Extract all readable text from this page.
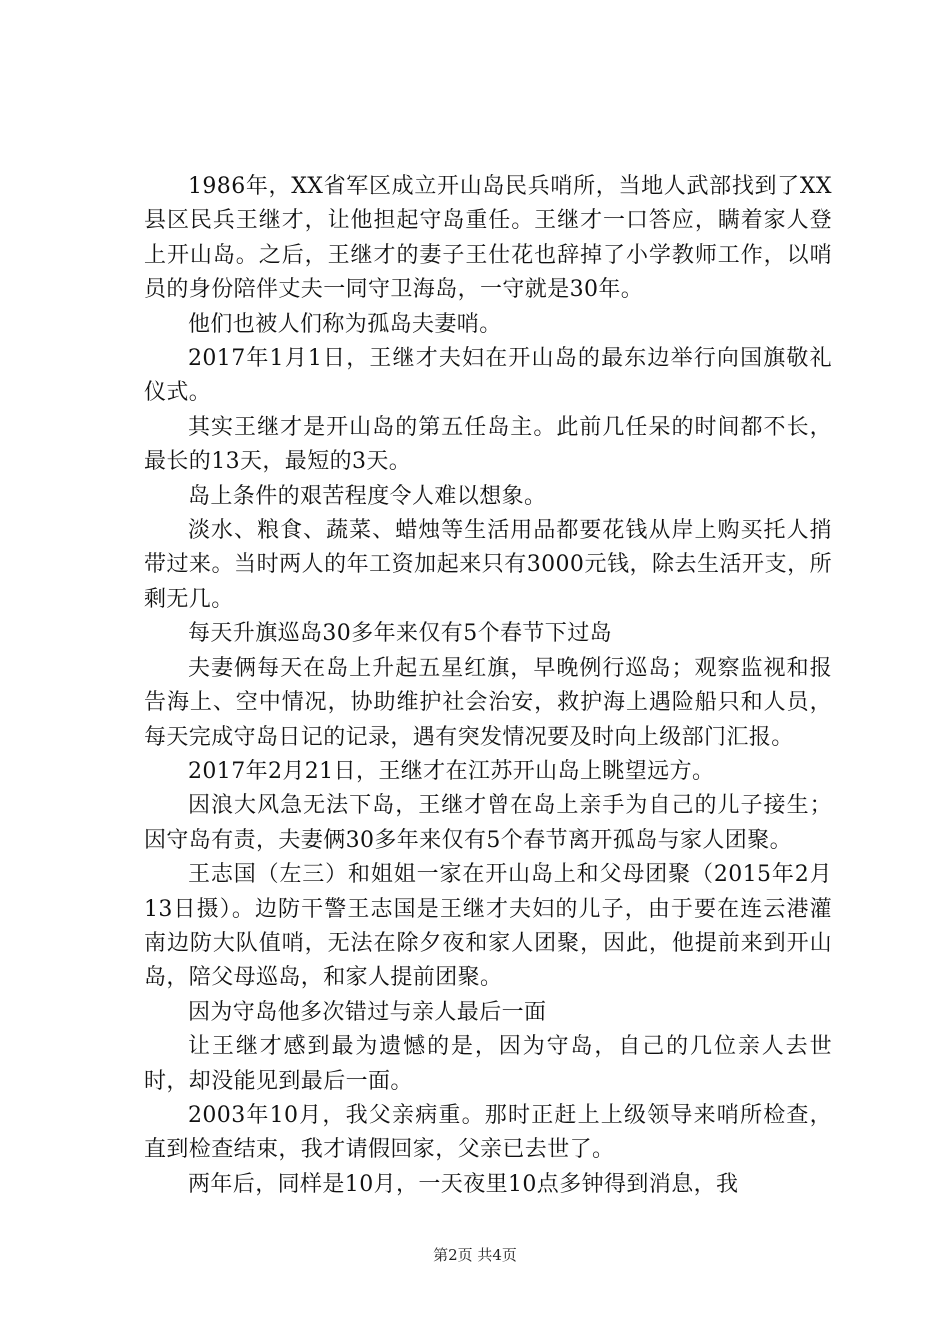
1986年，XX省军区成立开山岛民兵哨所，当地人武部找到了XX县区民兵王继才，让他担起守岛重任。王继才一口答应，瞒着家人登上开山岛。之后，王继才的妻子王仕花也辞掉了小学教师工作，以哨员的身份陪伴丈夫一同守卫海岛，一守就是30年。

他们也被人们称为孤岛夫妻哨。

2017年1月1日，王继才夫妇在开山岛的最东边举行向国旗敬礼仪式。

其实王继才是开山岛的第五任岛主。此前几任呆的时间都不长，最长的13天，最短的3天。

岛上条件的艰苦程度令人难以想象。

淡水、粮食、蔬菜、蜡烛等生活用品都要花钱从岸上购买托人捎带过来。当时两人的年工资加起来只有3000元钱，除去生活开支，所剩无几。

每天升旗巡岛30多年来仅有5个春节下过岛

夫妻俩每天在岛上升起五星红旗，早晚例行巡岛；观察监视和报告海上、空中情况，协助维护社会治安，救护海上遇险船只和人员，每天完成守岛日记的记录，遇有突发情况要及时向上级部门汇报。

2017年2月21日，王继才在江苏开山岛上眺望远方。

因浪大风急无法下岛，王继才曾在岛上亲手为自己的儿子接生；因守岛有责，夫妻俩30多年来仅有5个春节离开孤岛与家人团聚。

王志国（左三）和姐姐一家在开山岛上和父母团聚（2015年2月13日摄）。边防干警王志国是王继才夫妇的儿子，由于要在连云港灌南边防大队值哨，无法在除夕夜和家人团聚，因此，他提前来到开山岛，陪父母巡岛，和家人提前团聚。

因为守岛他多次错过与亲人最后一面

让王继才感到最为遗憾的是，因为守岛，自己的几位亲人去世时，却没能见到最后一面。

2003年10月，我父亲病重。那时正赶上上级领导来哨所检查，直到检查结束，我才请假回家，父亲已去世了。

两年后，同样是10月，一天夜里10点多钟得到消息，我

第2页 共4页
